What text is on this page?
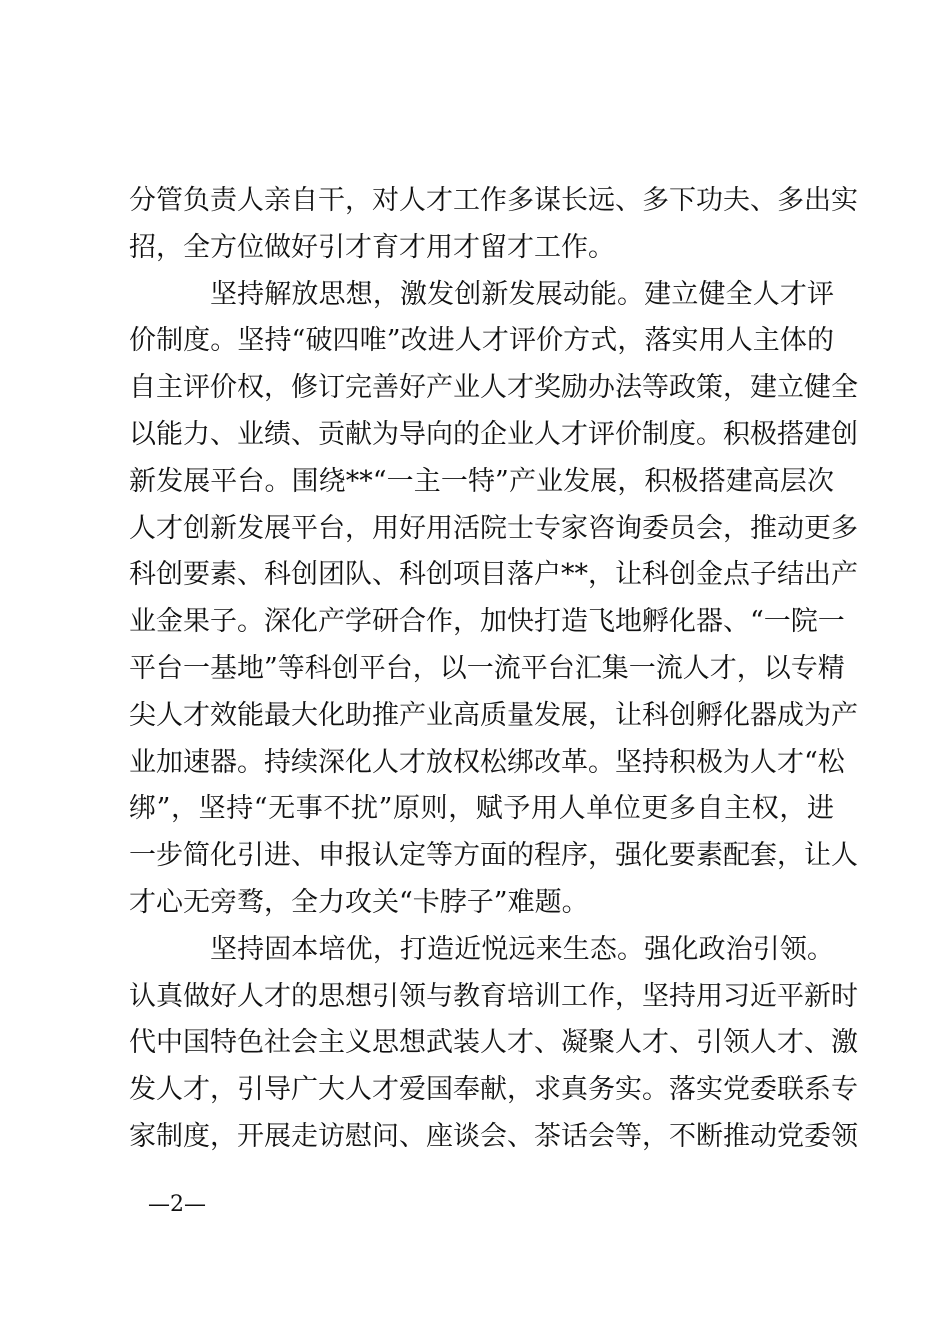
分管负责人亲自干，对人才工作多谋长远、多下功夫、多出实
招，全方位做好引才育才用才留才工作。
坚持解放思想，激发创新发展动能。建立健全人才评
价制度。坚持“破四唯”改进人才评价方式，落实用人主体的
自主评价权，修订完善好产业人才奖励办法等政策，建立健全
以能力、业绩、贡献为导向的企业人才评价制度。积极搭建创
新发展平台。围绕**“一主一特”产业发展，积极搭建高层次
人才创新发展平台，用好用活院士专家咨询委员会，推动更多
科创要素、科创团队、科创项目落户**，让科创金点子结出产
业金果子。深化产学研合作，加快打造飞地孵化器、“一院一
平台一基地”等科创平台，以一流平台汇集一流人才，以专精
尖人才效能最大化助推产业高质量发展，让科创孵化器成为产
业加速器。持续深化人才放权松绑改革。坚持积极为人才“松
绑”，坚持“无事不扰”原则，赋予用人单位更多自主权，进
一步简化引进、申报认定等方面的程序，强化要素配套，让人
才心无旁骛，全力攻关“卡脖子”难题。
坚持固本培优，打造近悦远来生态。强化政治引领。
认真做好人才的思想引领与教育培训工作，坚持用习近平新时
代中国特色社会主义思想武装人才、凝聚人才、引领人才、激
发人才，引导广大人才爱国奉献，求真务实。落实党委联系专
家制度，开展走访慰问、座谈会、茶话会等，不断推动党委领
—2—
